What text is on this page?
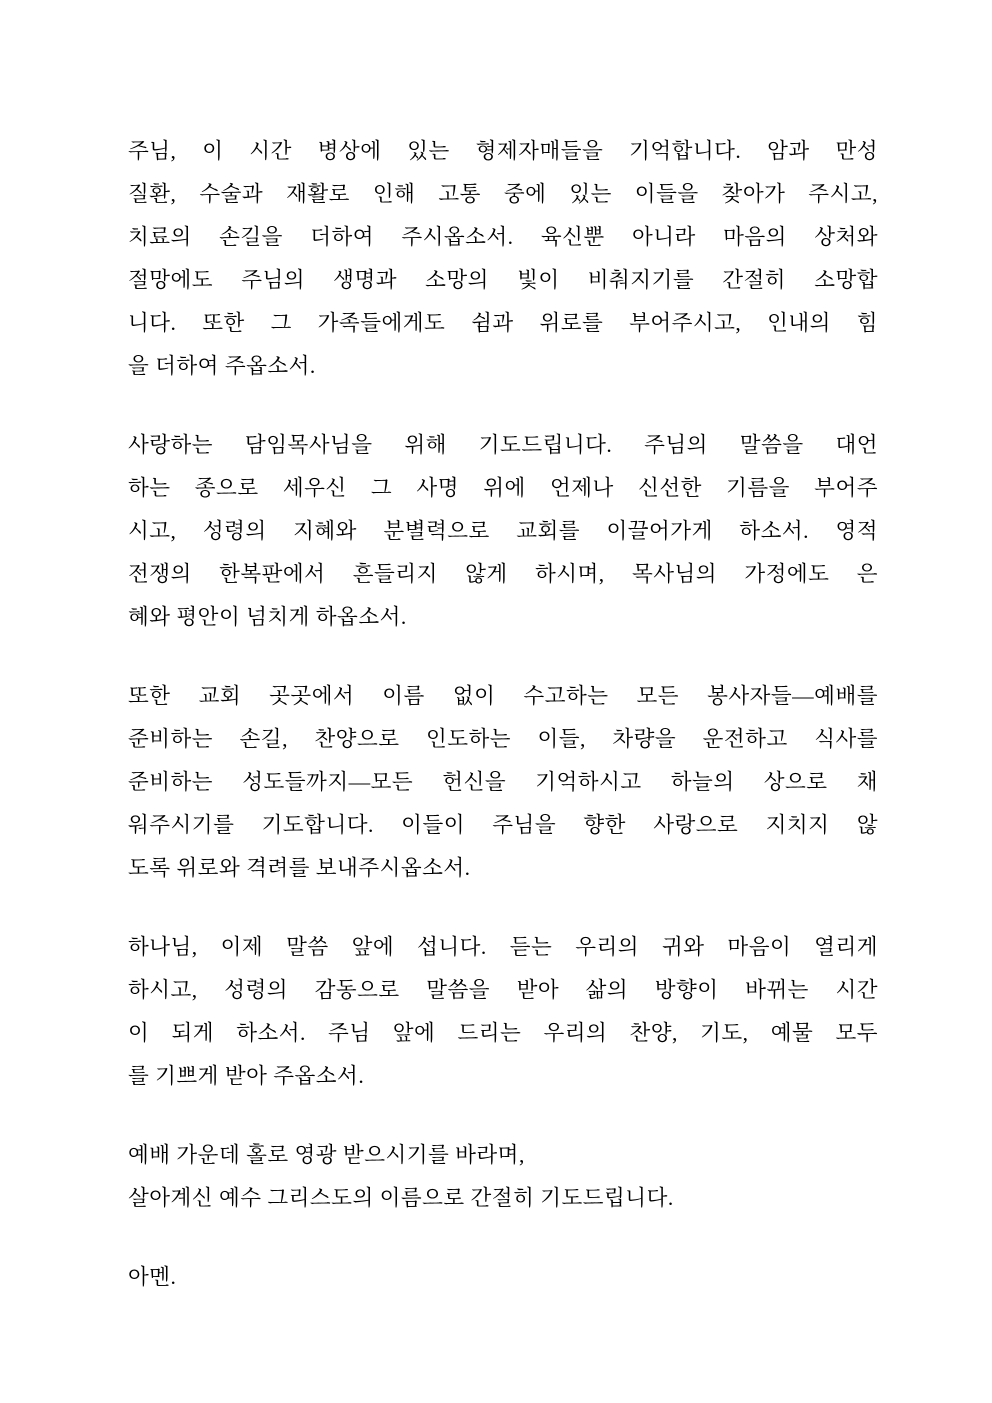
주님, 이 시간 병상에 있는 형제자매들을 기억합니다. 암과 만성
질환, 수술과 재활로 인해 고통 중에 있는 이들을 찾아가 주시고,
치료의 손길을 더하여 주시옵소서. 육신뿐 아니라 마음의 상처와
절망에도 주님의 생명과 소망의 빛이 비춰지기를 간절히 소망합
니다. 또한 그 가족들에게도 쉼과 위로를 부어주시고, 인내의 힘
을 더하여 주옵소서.
사랑하는 담임목사님을 위해 기도드립니다. 주님의 말씀을 대언
하는 종으로 세우신 그 사명 위에 언제나 신선한 기름을 부어주
시고, 성령의 지혜와 분별력으로 교회를 이끌어가게 하소서. 영적
전쟁의 한복판에서 흔들리지 않게 하시며, 목사님의 가정에도 은
혜와 평안이 넘치게 하옵소서.
또한 교회 곳곳에서 이름 없이 수고하는 모든 봉사자들―예배를
준비하는 손길, 찬양으로 인도하는 이들, 차량을 운전하고 식사를
준비하는 성도들까지―모든 헌신을 기억하시고 하늘의 상으로 채
워주시기를 기도합니다. 이들이 주님을 향한 사랑으로 지치지 않
도록 위로와 격려를 보내주시옵소서.
하나님, 이제 말씀 앞에 섭니다. 듣는 우리의 귀와 마음이 열리게
하시고, 성령의 감동으로 말씀을 받아 삶의 방향이 바뀌는 시간
이 되게 하소서. 주님 앞에 드리는 우리의 찬양, 기도, 예물 모두
를 기쁘게 받아 주옵소서.
예배 가운데 홀로 영광 받으시기를 바라며,
살아계신 예수 그리스도의 이름으로 간절히 기도드립니다.
아멘.
